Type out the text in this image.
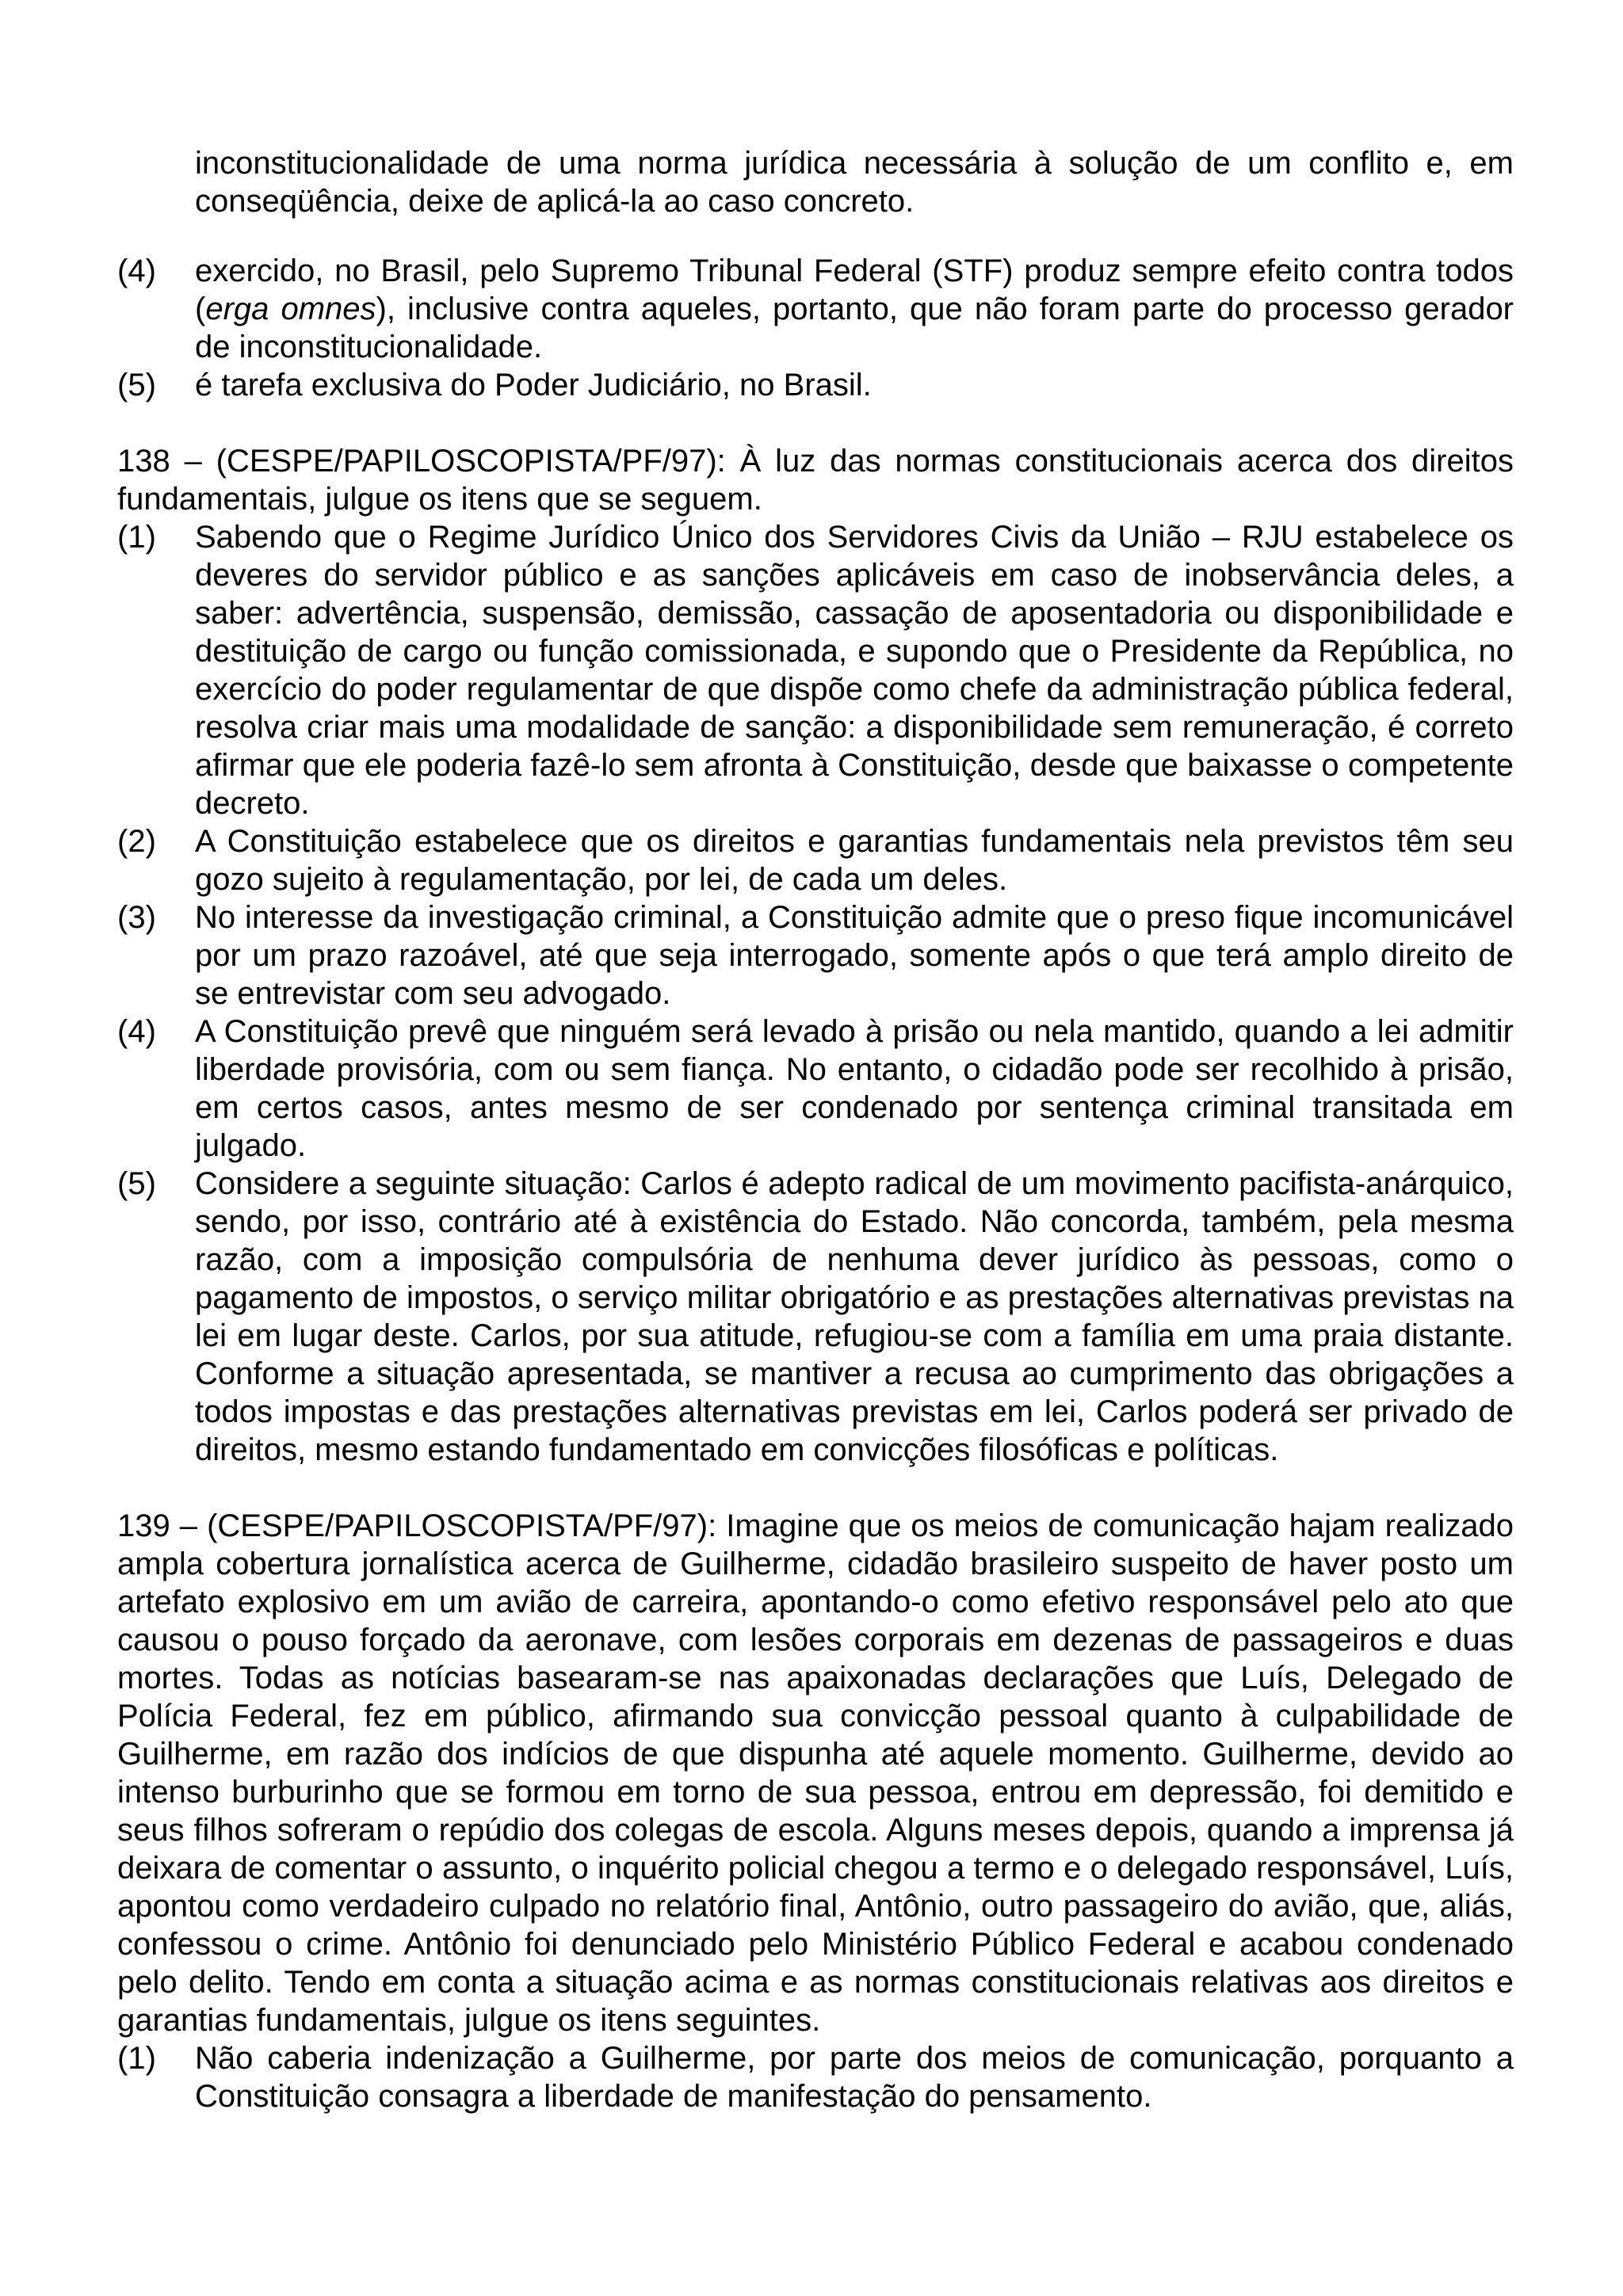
inconstitucionalidade de uma norma jurídica necessária à solução de um conflito e, em conseqüência, deixe de aplicá-la ao caso concreto.

(4)	exercido, no Brasil, pelo Supremo Tribunal Federal (STF) produz sempre efeito contra todos (erga omnes), inclusive contra aqueles, portanto, que não foram parte do processo gerador de inconstitucionalidade.
(5)	é tarefa exclusiva do Poder Judiciário, no Brasil.

138 – (CESPE/PAPILOSCOPISTA/PF/97): À luz das normas constitucionais acerca dos direitos fundamentais, julgue os itens que se seguem.

(1)	Sabendo que o Regime Jurídico Único dos Servidores Civis da União – RJU estabelece os deveres do servidor público e as sanções aplicáveis em caso de inobservância deles, a saber: advertência, suspensão, demissão, cassação de aposentadoria ou disponibilidade e destituição de cargo ou função comissionada, e supondo que o Presidente da República, no exercício do poder regulamentar de que dispõe como chefe da administração pública federal, resolva criar mais uma modalidade de sanção: a disponibilidade sem remuneração, é correto afirmar que ele poderia fazê-lo sem afronta à Constituição, desde que baixasse o competente decreto.
(2)	A Constituição estabelece que os direitos e garantias fundamentais nela previstos têm seu gozo sujeito à regulamentação, por lei, de cada um deles.
(3)	No interesse da investigação criminal, a Constituição admite que o preso fique incomunicável por um prazo razoável, até que seja interrogado, somente após o que terá amplo direito de se entrevistar com seu advogado.
(4)	A Constituição prevê que ninguém será levado à prisão ou nela mantido, quando a lei admitir liberdade provisória, com ou sem fiança. No entanto, o cidadão pode ser recolhido à prisão, em certos casos, antes mesmo de ser condenado por sentença criminal transitada em julgado.
(5)	Considere a seguinte situação: Carlos é adepto radical de um movimento pacifista-anárquico, sendo, por isso, contrário até à existência do Estado. Não concorda, também, pela mesma razão, com a imposição compulsória de nenhuma dever jurídico às pessoas, como o pagamento de impostos, o serviço militar obrigatório e as prestações alternativas previstas na lei em lugar deste. Carlos, por sua atitude, refugiou-se com a família em uma praia distante. Conforme a situação apresentada, se mantiver a recusa ao cumprimento das obrigações a todos impostas e das prestações alternativas previstas em lei, Carlos poderá ser privado de direitos, mesmo estando fundamentado em convicções filosóficas e políticas.

139 – (CESPE/PAPILOSCOPISTA/PF/97): Imagine que os meios de comunicação hajam realizado ampla cobertura jornalística acerca de Guilherme, cidadão brasileiro suspeito de haver posto um artefato explosivo em um avião de carreira, apontando-o como efetivo responsável pelo ato que causou o pouso forçado da aeronave, com lesões corporais em dezenas de passageiros e duas mortes. Todas as notícias basearam-se nas apaixonadas declarações que Luís, Delegado de Polícia Federal, fez em público, afirmando sua convicção pessoal quanto à culpabilidade de Guilherme, em razão dos indícios de que dispunha até aquele momento. Guilherme, devido ao intenso burburinho que se formou em torno de sua pessoa, entrou em depressão, foi demitido e seus filhos sofreram o repúdio dos colegas de escola. Alguns meses depois, quando a imprensa já deixara de comentar o assunto, o inquérito policial chegou a termo e o delegado responsável, Luís, apontou como verdadeiro culpado no relatório final, Antônio, outro passageiro do avião, que, aliás, confessou o crime. Antônio foi denunciado pelo Ministério Público Federal e acabou condenado pelo delito. Tendo em conta a situação acima e as normas constitucionais relativas aos direitos e garantias fundamentais, julgue os itens seguintes.

(1)	Não caberia indenização a Guilherme, por parte dos meios de comunicação, porquanto a Constituição consagra a liberdade de manifestação do pensamento.
